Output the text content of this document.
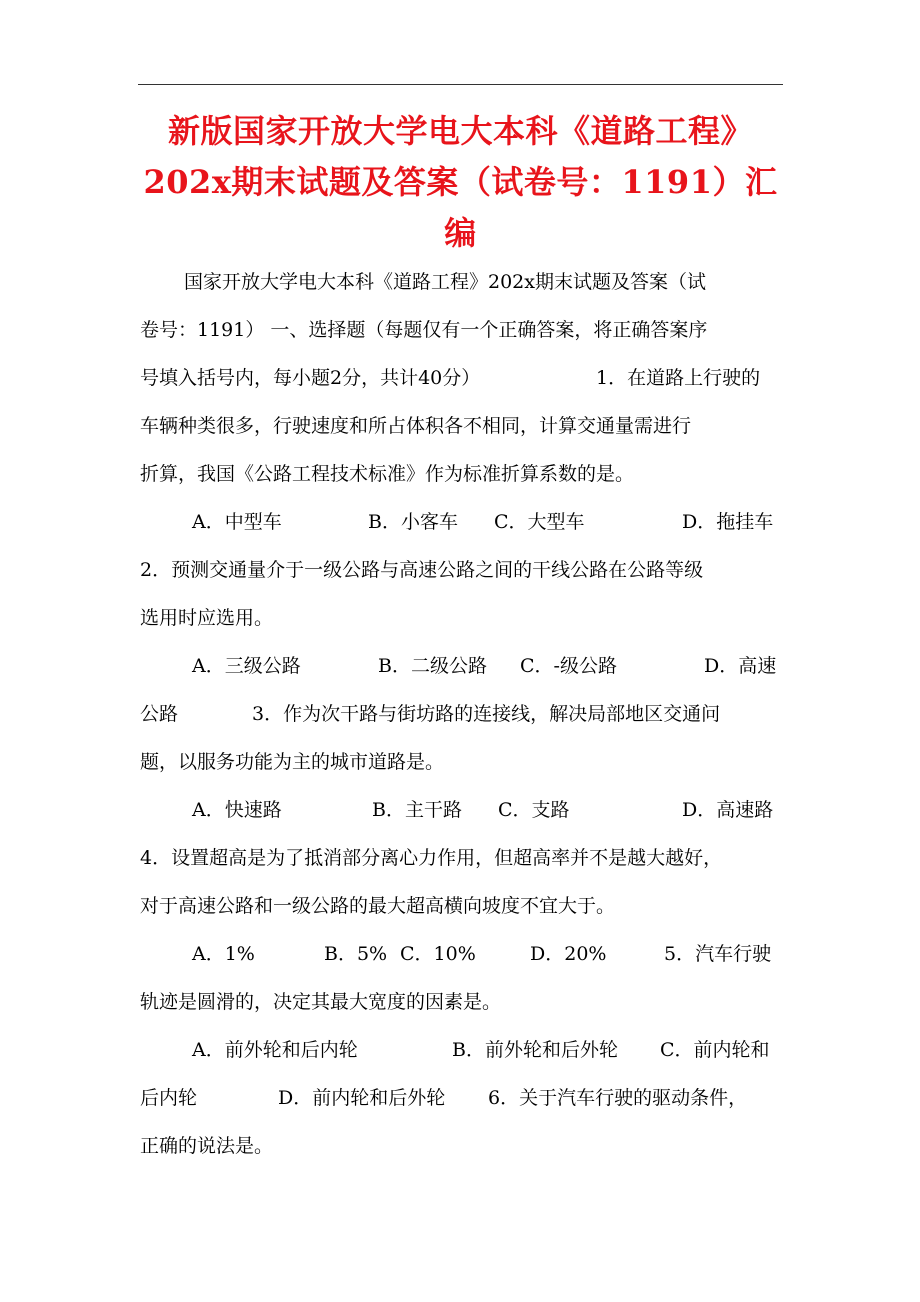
新版国家开放大学电大本科《道路工程》
202x期末试题及答案（试卷号：1191）汇
编
国家开放大学电大本科《道路工程》202x期末试题及答案（试
卷号：1191） 一、选择题（每题仅有一个正确答案，将正确答案序
号填入括号内，每小题2分，共计40分）	1．在道路上行驶的
车辆种类很多，行驶速度和所占体积各不相同，计算交通量需进行
折算，我国《公路工程技术标准》作为标准折算系数的是。
A．中型车	B．小客车 C．大型车	D．拖挂车
2．预测交通量介于一级公路与高速公路之间的干线公路在公路等级
选用时应选用。
A．三级公路	B．二级公路 C．-级公路	D．高速
公路	3．作为次干路与街坊路的连接线，解决局部地区交通问
题，以服务功能为主的城市道路是。
A．快速路	B．主干路 C．支路	D．高速路
4．设置超高是为了抵消部分离心力作用，但超高率并不是越大越好，
对于高速公路和一级公路的最大超高横向坡度不宜大于。
A．1%	B．5% C．10%	D．20%	5．汽车行驶
轨迹是圆滑的，决定其最大宽度的因素是。
A．前外轮和后内轮	B．前外轮和后外轮 C．前内轮和
后内轮	D．前内轮和后外轮 6．关于汽车行驶的驱动条件，
正确的说法是。
